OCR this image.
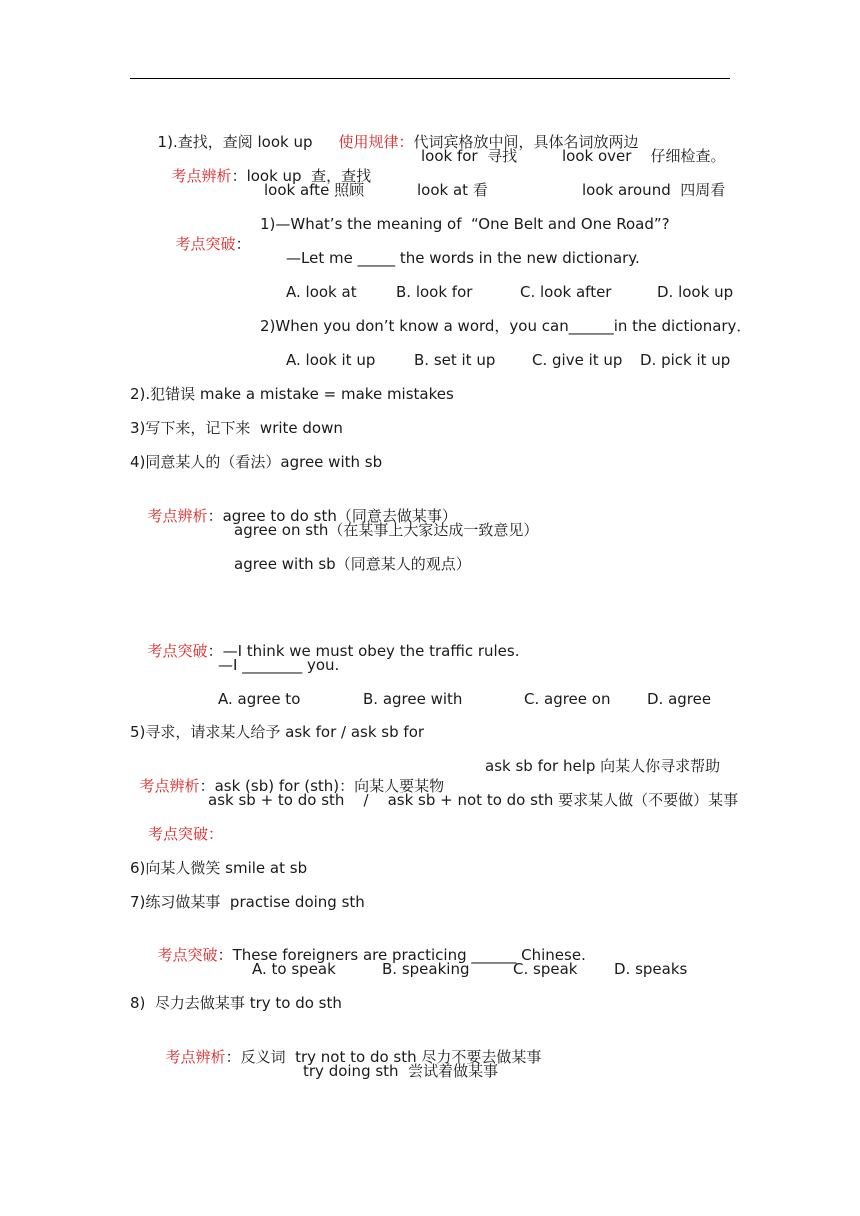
1).查找，查阅 look up 使用规律：代词宾格放中间，具体名词放两边

考点辨析：look up  查，查找

look for  寻找	look over    仔细检查。
look afte 照顾	look at 看	look around  四周看

考点突破：

1)—What’s the meaning of  “One Belt and One Road”?
—Let me _____ the words in the new dictionary.
A. look at	B. look for	C. look after	D. look up
2)When you don’t know a word，you can______in the dictionary．
A. look it up	B. set it up C. give it up D. pick it up
2).犯错误 make a mistake = make mistakes
3)写下来，记下来  write down
4)同意某人的（看法）agree with sb

考点辨析：agree to do sth（同意去做某事）

agree on sth（在某事上大家达成一致意见）
agree with sb（同意某人的观点）

考点突破：—I think we must obey the traffic rules.

—I ________ you.
A. agree to	B. agree with	C. agree on D. agree
5)寻求，请求某人给予 ask for / ask sb for

考点辨析：ask (sb) for (sth)：向某人要某物

ask sb for help 向某人你寻求帮助
ask sb + to do sth    /    ask sb + not to do sth 要求某人做（不要做）某事
考点突破：
6)向某人微笑 smile at sb
7)练习做某事  practise doing sth

考点突破：These foreigners are practicing ______ Chinese.

A. to speak	B. speaking	C. speak D. speaks
8)  尽力去做某事 try to do sth

考点辨析：反义词  try not to do sth 尽力不要去做某事

try doing sth  尝试着做某事
